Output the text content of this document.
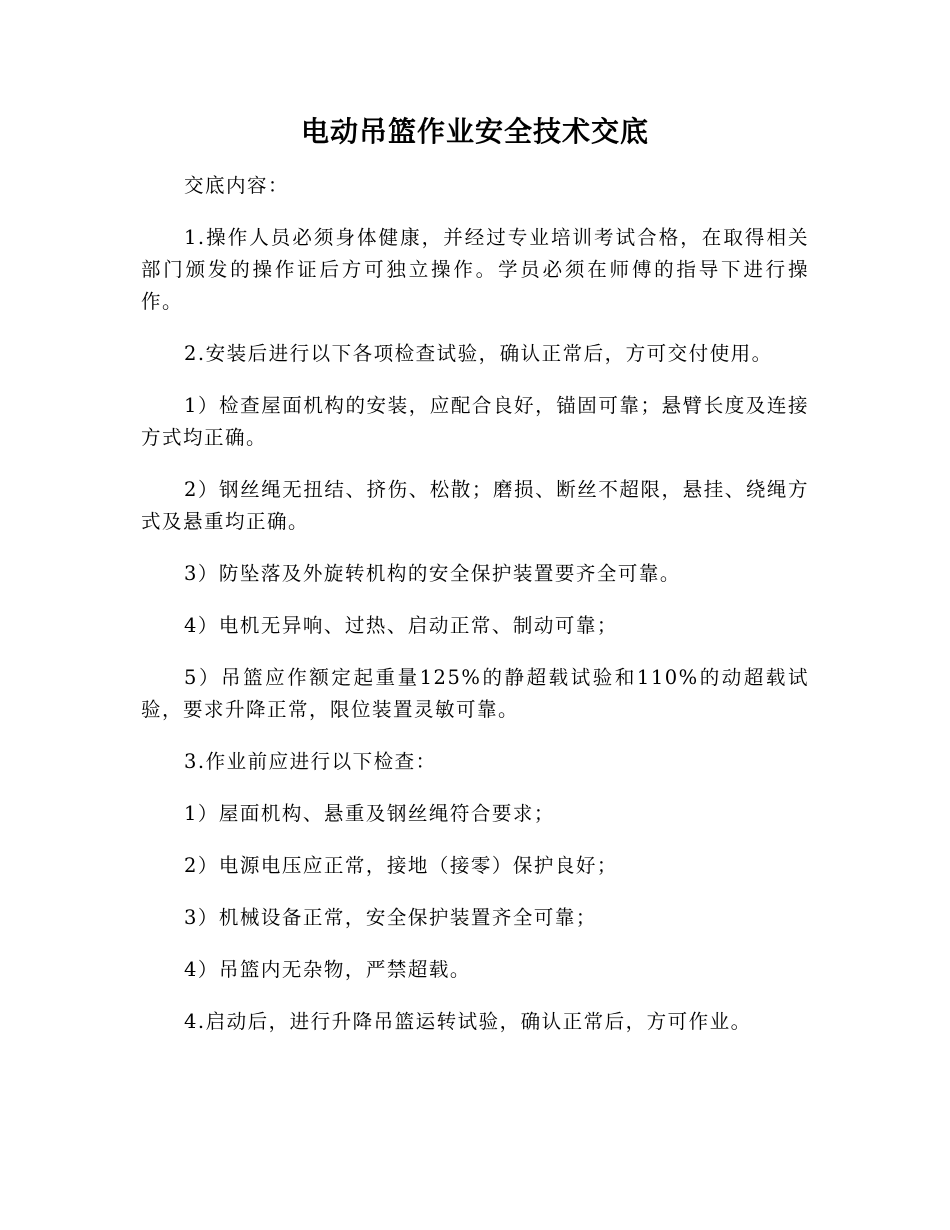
电动吊篮作业安全技术交底

交底内容：

1.操作人员必须身体健康，并经过专业培训考试合格，在取得相关部门颁发的操作证后方可独立操作。学员必须在师傅的指导下进行操作。

2.安装后进行以下各项检查试验，确认正常后，方可交付使用。

1）检查屋面机构的安装，应配合良好，锚固可靠；悬臂长度及连接方式均正确。

2）钢丝绳无扭结、挤伤、松散；磨损、断丝不超限，悬挂、绕绳方式及悬重均正确。

3）防坠落及外旋转机构的安全保护装置要齐全可靠。

4）电机无异响、过热、启动正常、制动可靠；

5）吊篮应作额定起重量125%的静超载试验和110%的动超载试验，要求升降正常，限位装置灵敏可靠。

3.作业前应进行以下检查：

1）屋面机构、悬重及钢丝绳符合要求；

2）电源电压应正常，接地（接零）保护良好；

3）机械设备正常，安全保护装置齐全可靠；

4）吊篮内无杂物，严禁超载。

4.启动后，进行升降吊篮运转试验，确认正常后，方可作业。
